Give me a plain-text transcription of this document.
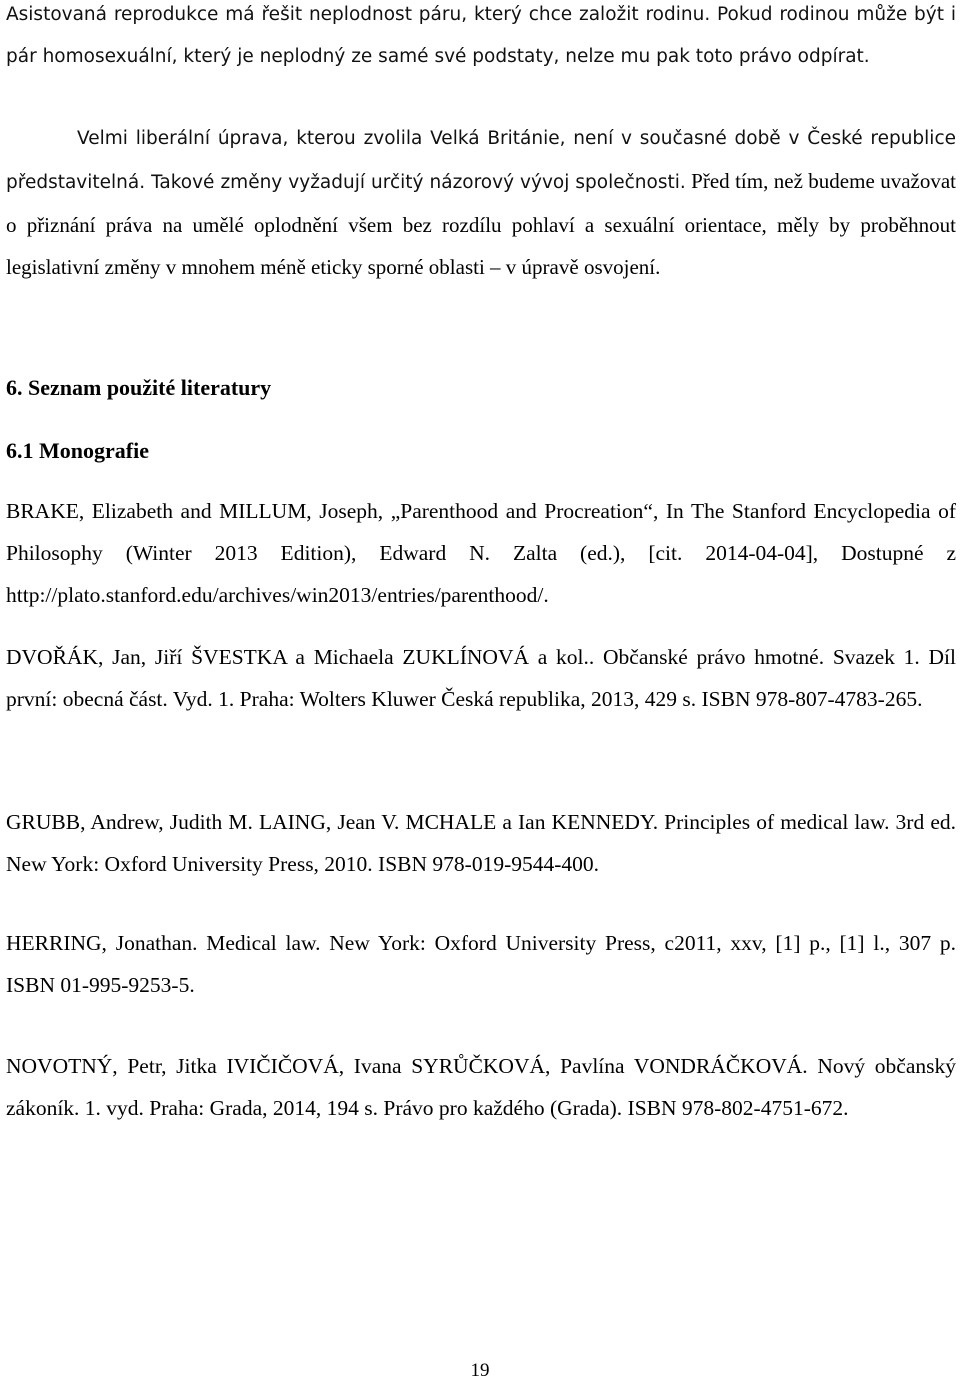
Asistovaná reprodukce má řešit neplodnost páru, který chce založit rodinu. Pokud rodinou může být i pár homosexuální, který je neplodný ze samé své podstaty, nelze mu pak toto právo odpírat.

Velmi liberální úprava, kterou zvolila Velká Británie, není v současné době v České republice představitelná. Takové změny vyžadují určitý názorový vývoj společnosti. Před tím, než budeme uvažovat o přiznání práva na umělé oplodnění všem bez rozdílu pohlaví a sexuální orientace, měly by proběhnout legislativní změny v mnohem méně eticky sporné oblasti – v úpravě osvojení.

6. Seznam použité literatury
6.1 Monografie

BRAKE, Elizabeth and MILLUM, Joseph, „Parenthood and Procreation“, In The Stanford Encyclopedia of Philosophy (Winter 2013 Edition), Edward N. Zalta (ed.), [cit. 2014-04-04], Dostupné z http://plato.stanford.edu/archives/win2013/entries/parenthood/.

DVOŘÁK, Jan, Jiří ŠVESTKA a Michaela ZUKLÍNOVÁ a kol.. Občanské právo hmotné. Svazek 1. Díl první: obecná část. Vyd. 1. Praha: Wolters Kluwer Česká republika, 2013, 429 s. ISBN 978-807-4783-265.

GRUBB, Andrew, Judith M. LAING, Jean V. MCHALE a Ian KENNEDY. Principles of medical law. 3rd ed. New York: Oxford University Press, 2010. ISBN 978-019-9544-400.

HERRING, Jonathan. Medical law. New York: Oxford University Press, c2011, xxv, [1] p., [1] l., 307 p. ISBN 01-995-9253-5.

NOVOTNÝ, Petr, Jitka IVIČIČOVÁ, Ivana SYRŮČKOVÁ, Pavlína VONDRÁČKOVÁ. Nový občanský zákoník. 1. vyd. Praha: Grada, 2014, 194 s. Právo pro každého (Grada). ISBN 978-802-4751-672.

19
